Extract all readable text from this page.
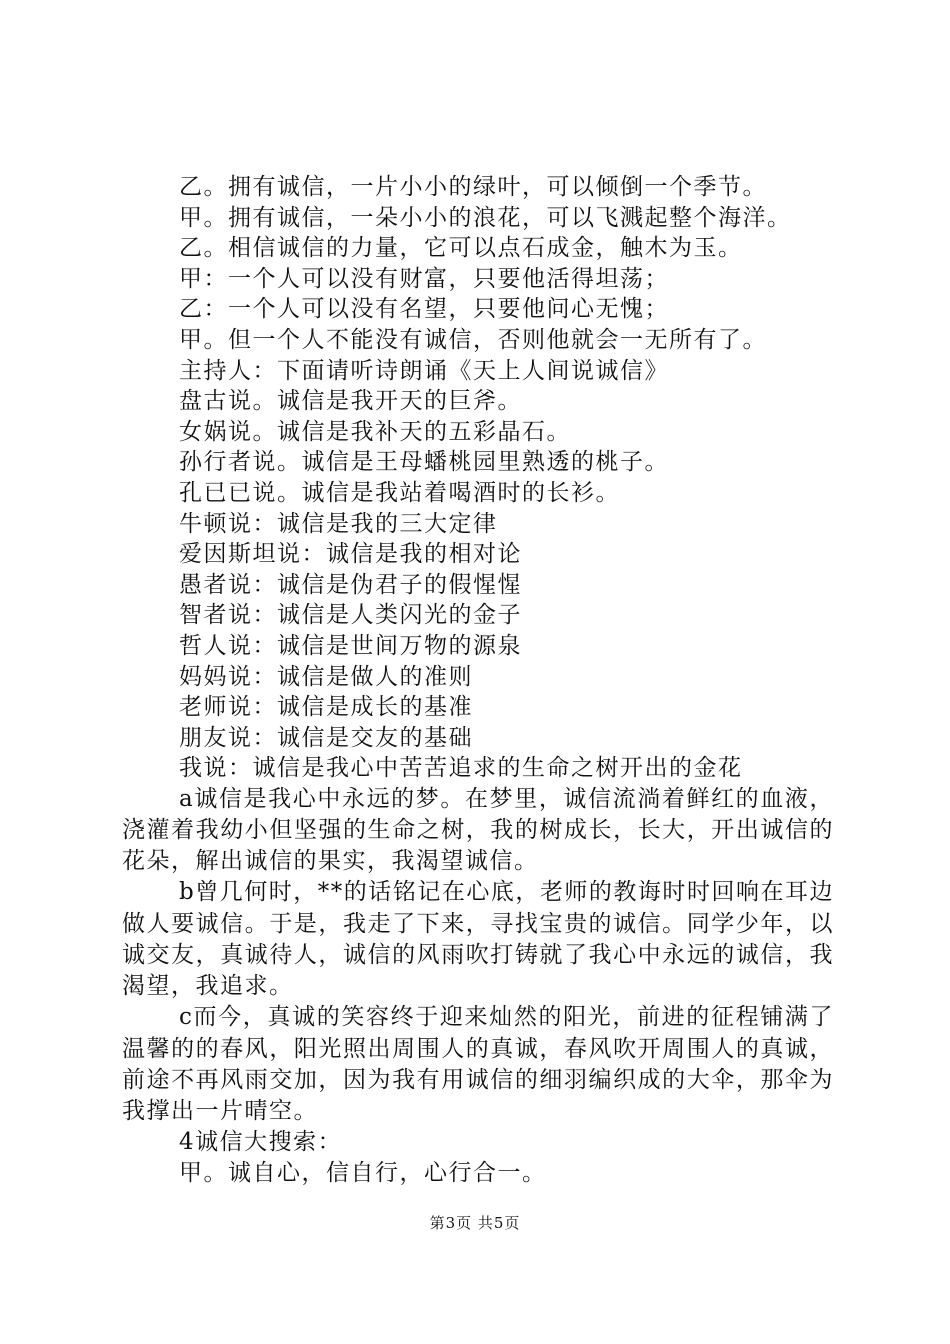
乙。拥有诚信，一片小小的绿叶，可以倾倒一个季节。
甲。拥有诚信，一朵小小的浪花，可以飞溅起整个海洋。
乙。相信诚信的力量，它可以点石成金，触木为玉。
甲：一个人可以没有财富，只要他活得坦荡；
乙：一个人可以没有名望，只要他问心无愧；
甲。但一个人不能没有诚信，否则他就会一无所有了。
主持人：下面请听诗朗诵《天上人间说诚信》
盘古说。诚信是我开天的巨斧。
女娲说。诚信是我补天的五彩晶石。
孙行者说。诚信是王母蟠桃园里熟透的桃子。
孔已已说。诚信是我站着喝酒时的长衫。
牛顿说：诚信是我的三大定律
爱因斯坦说：诚信是我的相对论
愚者说：诚信是伪君子的假惺惺
智者说：诚信是人类闪光的金子
哲人说：诚信是世间万物的源泉
妈妈说：诚信是做人的准则
老师说：诚信是成长的基准
朋友说：诚信是交友的基础
我说：诚信是我心中苦苦追求的生命之树开出的金花
a诚信是我心中永远的梦。在梦里，诚信流淌着鲜红的血液，浇灌着我幼小但坚强的生命之树，我的树成长，长大，开出诚信的花朵，解出诚信的果实，我渴望诚信。
b曾几何时，**的话铭记在心底，老师的教诲时时回响在耳边做人要诚信。于是，我走了下来，寻找宝贵的诚信。同学少年，以诚交友，真诚待人，诚信的风雨吹打铸就了我心中永远的诚信，我渴望，我追求。
c而今，真诚的笑容终于迎来灿然的阳光，前进的征程铺满了温馨的的春风，阳光照出周围人的真诚，春风吹开周围人的真诚，前途不再风雨交加，因为我有用诚信的细羽编织成的大伞，那伞为我撑出一片晴空。
4诚信大搜索：
甲。诚自心，信自行，心行合一。
第3页 共5页
